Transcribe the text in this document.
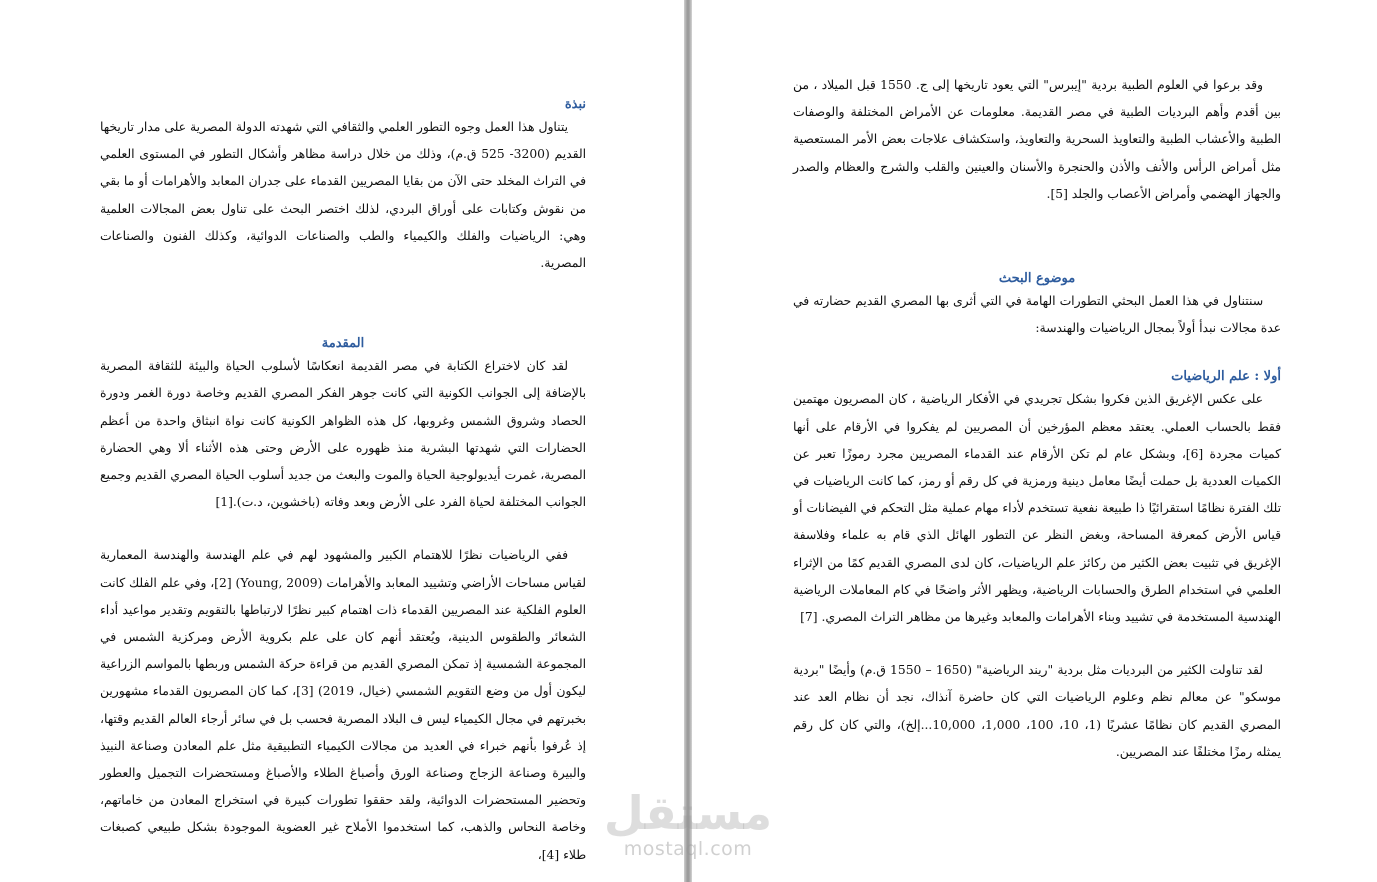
نبذة

يتناول هذا العمل وجوه التطور العلمي والثقافي التي شهدته الدولة المصرية على مدار تاريخها القديم (3200- 525 ق.م)، وذلك من خلال دراسة مظاهر وأشكال التطور في المستوى العلمي في التراث المخلد حتى الآن من بقايا المصريين القدماء على جدران المعابد والأهرامات أو ما بقي من نقوش وكتابات على أوراق البردي، لذلك اختصر البحث على تناول بعض المجالات العلمية وهي: الرياضيات والفلك والكيمياء والطب والصناعات الدوائية، وكذلك الفنون والصناعات المصرية.

المقدمة

لقد كان لاختراع الكتابة في مصر القديمة انعكاسًا لأسلوب الحياة والبيئة للثقافة المصرية بالإضافة إلى الجوانب الكونية التي كانت جوهر الفكر المصري القديم وخاصة دورة الغمر ودورة الحصاد وشروق الشمس وغروبها، كل هذه الظواهر الكونية كانت نواة انبثاق واحدة من أعظم الحضارات التي شهدتها البشرية منذ ظهوره على الأرض وحتى هذه الأثناء ألا وهي الحضارة المصرية، غمرت أيديولوجية الحياة والموت والبعث من جديد أسلوب الحياة المصري القديم وجميع الجوانب المختلفة لحياة الفرد على الأرض وبعد وفاته (باخشوين، د.ت).[1]

ففي الرياضيات نظرًا للاهتمام الكبير والمشهود لهم في علم الهندسة والهندسة المعمارية لقياس مساحات الأراضي وتشييد المعابد والأهرامات (Young, 2009) [2]، وفي علم الفلك كانت العلوم الفلكية عند المصريين القدماء ذات اهتمام كبير نظرًا لارتباطها بالتقويم وتقدير مواعيد أداء الشعائر والطقوس الدينية، ويُعتقد أنهم كان على علم بكروية الأرض ومركزية الشمس في المجموعة الشمسية إذ تمكن المصري القديم من قراءة حركة الشمس وربطها بالمواسم الزراعية ليكون أول من وضع التقويم الشمسي (خيال، 2019) [3]، كما كان المصريون القدماء مشهورين بخبرتهم في مجال الكيمياء ليس ف البلاد المصرية فحسب بل في سائر أرجاء العالم القديم وقتها، إذ عُرفوا بأنهم خبراء في العديد من مجالات الكيمياء التطبيقية مثل علم المعادن وصناعة النبيذ والبيرة وصناعة الزجاج وصناعة الورق وأصباغ الطلاء والأصباغ ومستحضرات التجميل والعطور وتحضير المستحضرات الدوائية، ولقد حققوا تطورات كبيرة في استخراج المعادن من خاماتهم، وخاصة النحاس والذهب، كما استخدموا الأملاح غير العضوية الموجودة بشكل طبيعي كصبغات طلاء [4]،

وقد برعوا في العلوم الطبية بردية "إيبرس" التي يعود تاريخها إلى ج. 1550 قبل الميلاد ، من بين أقدم وأهم البرديات الطبية في مصر القديمة. معلومات عن الأمراض المختلفة والوصفات الطبية والأعشاب الطبية والتعاويذ السحرية والتعاويذ، واستكشاف علاجات بعض الأمر المستعصية مثل أمراض الرأس والأنف والأذن والحنجرة والأسنان والعينين والقلب والشرج والعظام والصدر والجهاز الهضمي وأمراض الأعصاب والجلد [5].

موضوع البحث

سنتناول في هذا العمل البحثي التطورات الهامة في التي أثرى بها المصري القديم حضارته في عدة مجالات نبدأ أولاً بمجال الرياضيات والهندسة:

أولا : علم الرياضيات

على عكس الإغريق الذين فكروا بشكل تجريدي في الأفكار الرياضية ، كان المصريون مهتمين فقط بالحساب العملي. يعتقد معظم المؤرخين أن المصريين لم يفكروا في الأرقام على أنها كميات مجردة [6]، وبشكل عام لم تكن الأرقام عند القدماء المصريين مجرد رموزًا تعبر عن الكميات العددية بل حملت أيضًا معامل دينية ورمزية في كل رقم أو رمز، كما كانت الرياضيات في تلك الفترة نظامًا استقرائيًا ذا طبيعة نفعية تستخدم لأداء مهام عملية مثل التحكم في الفيضانات أو قياس الأرض كمعرفة المساحة، وبغض النظر عن التطور الهائل الذي قام به علماء وفلاسفة الإغريق في تثبيت بعض الكثير من ركائز علم الرياضيات، كان لدى المصري القديم كمًا من الإثراء العلمي في استخدام الطرق والحسابات الرياضية، ويظهر الأثر واضحًا في كام المعاملات الرياضية الهندسية المستخدمة في تشييد وبناء الأهرامات والمعابد وغيرها من مظاهر التراث المصري. [7]

لقد تناولت الكثير من البرديات مثل بردية "ريند الرياضية" (1650 – 1550 ق.م) وأيضًا "بردية موسكو" عن معالم نظم وعلوم الرياضيات التي كان حاضرة آنذاك، نجد أن نظام العد عند المصري القديم كان نظامًا عشريًا (1، 10، 100، 1,000، 10,000...إلخ)، والتي كان كل رقم يمثله رمزًا مختلفًا عند المصريين.

مستقل
mostaql.com
